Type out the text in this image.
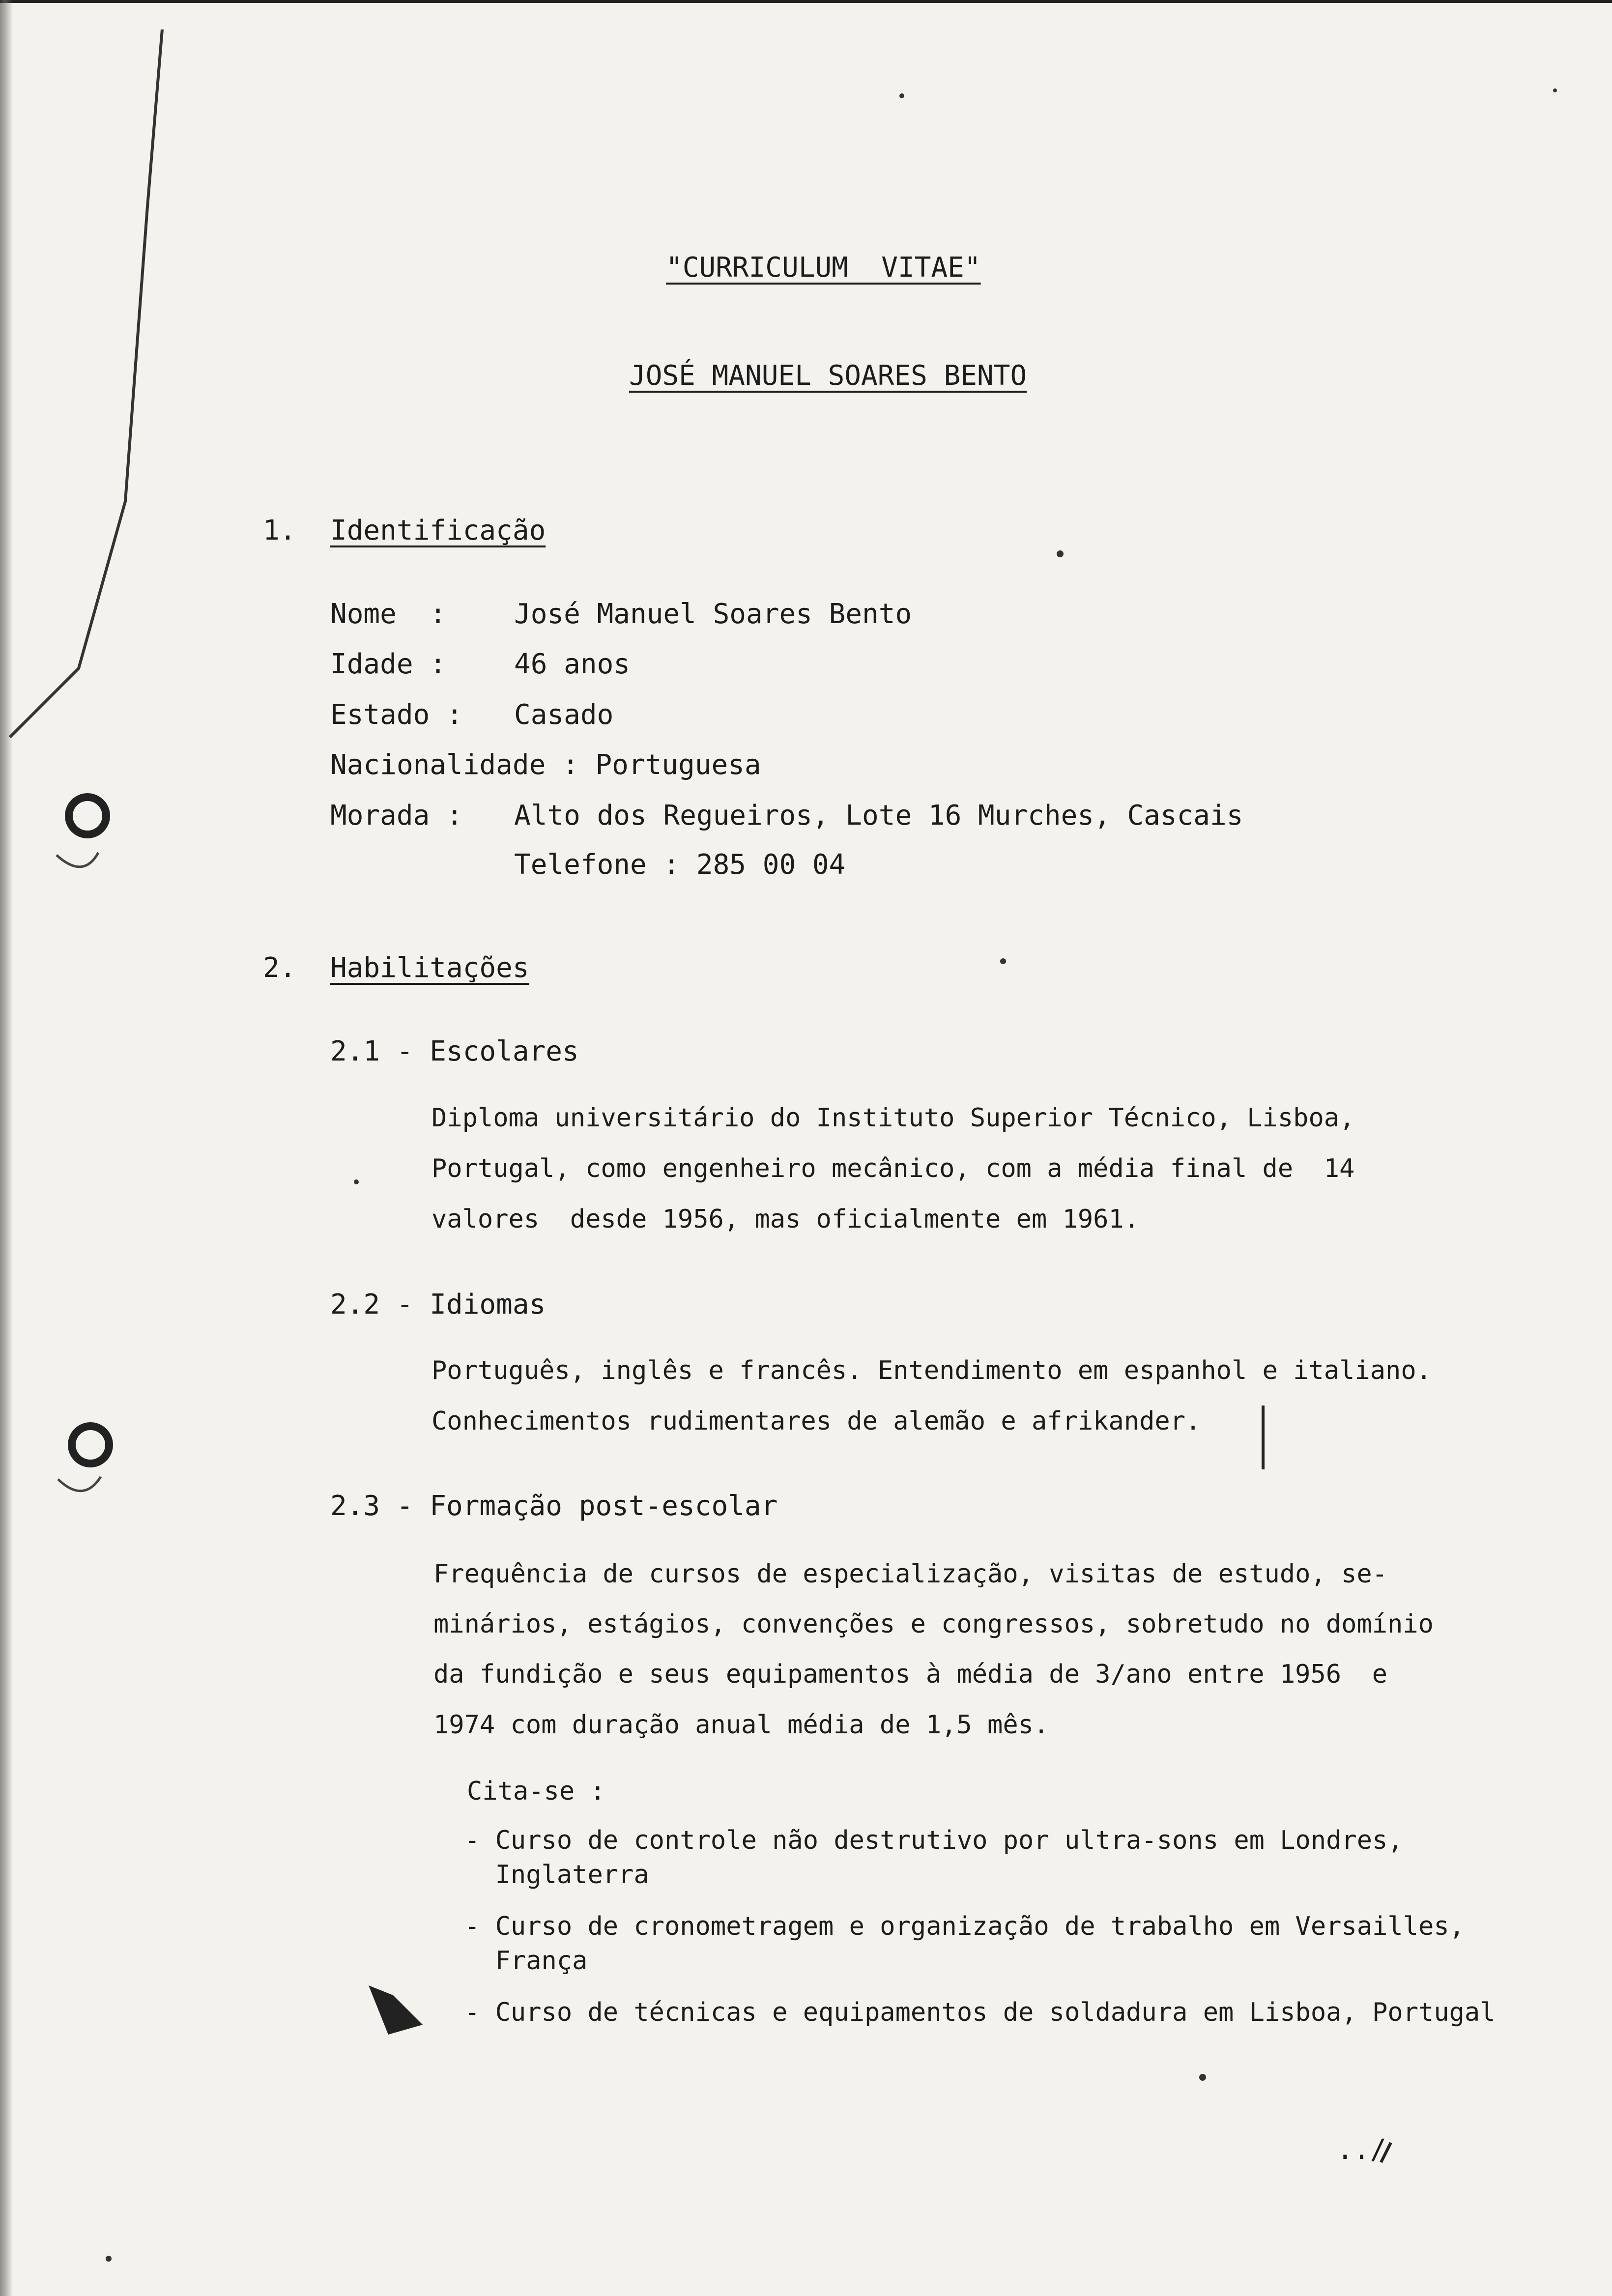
"CURRICULUM  VITAE"
JOSÉ MANUEL SOARES BENTO
1. Identificação
Nome  : José Manuel Soares Bento
Idade : 46 anos
Estado : Casado
Nacionalidade : Portuguesa
Morada : Alto dos Regueiros, Lote 16 Murches, Cascais
Telefone : 285 00 04
2. Habilitações
2.1 - Escolares
Diploma universitário do Instituto Superior Técnico, Lisboa,
Portugal, como engenheiro mecânico, com a média final de  14
valores  desde 1956, mas oficialmente em 1961.
2.2 - Idiomas
Português, inglês e francês. Entendimento em espanhol e italiano.
Conhecimentos rudimentares de alemão e afrikander.
2.3 - Formação post-escolar
Frequência de cursos de especialização, visitas de estudo, se-
minários, estágios, convenções e congressos, sobretudo no domínio
da fundição e seus equipamentos à média de 3/ano entre 1956  e
1974 com duração anual média de 1,5 mês.
Cita-se :
- Curso de controle não destrutivo por ultra-sons em Londres,
Inglaterra
- Curso de cronometragem e organização de trabalho em Versailles,
França
- Curso de técnicas e equipamentos de soldadura em Lisboa, Portugal
../
